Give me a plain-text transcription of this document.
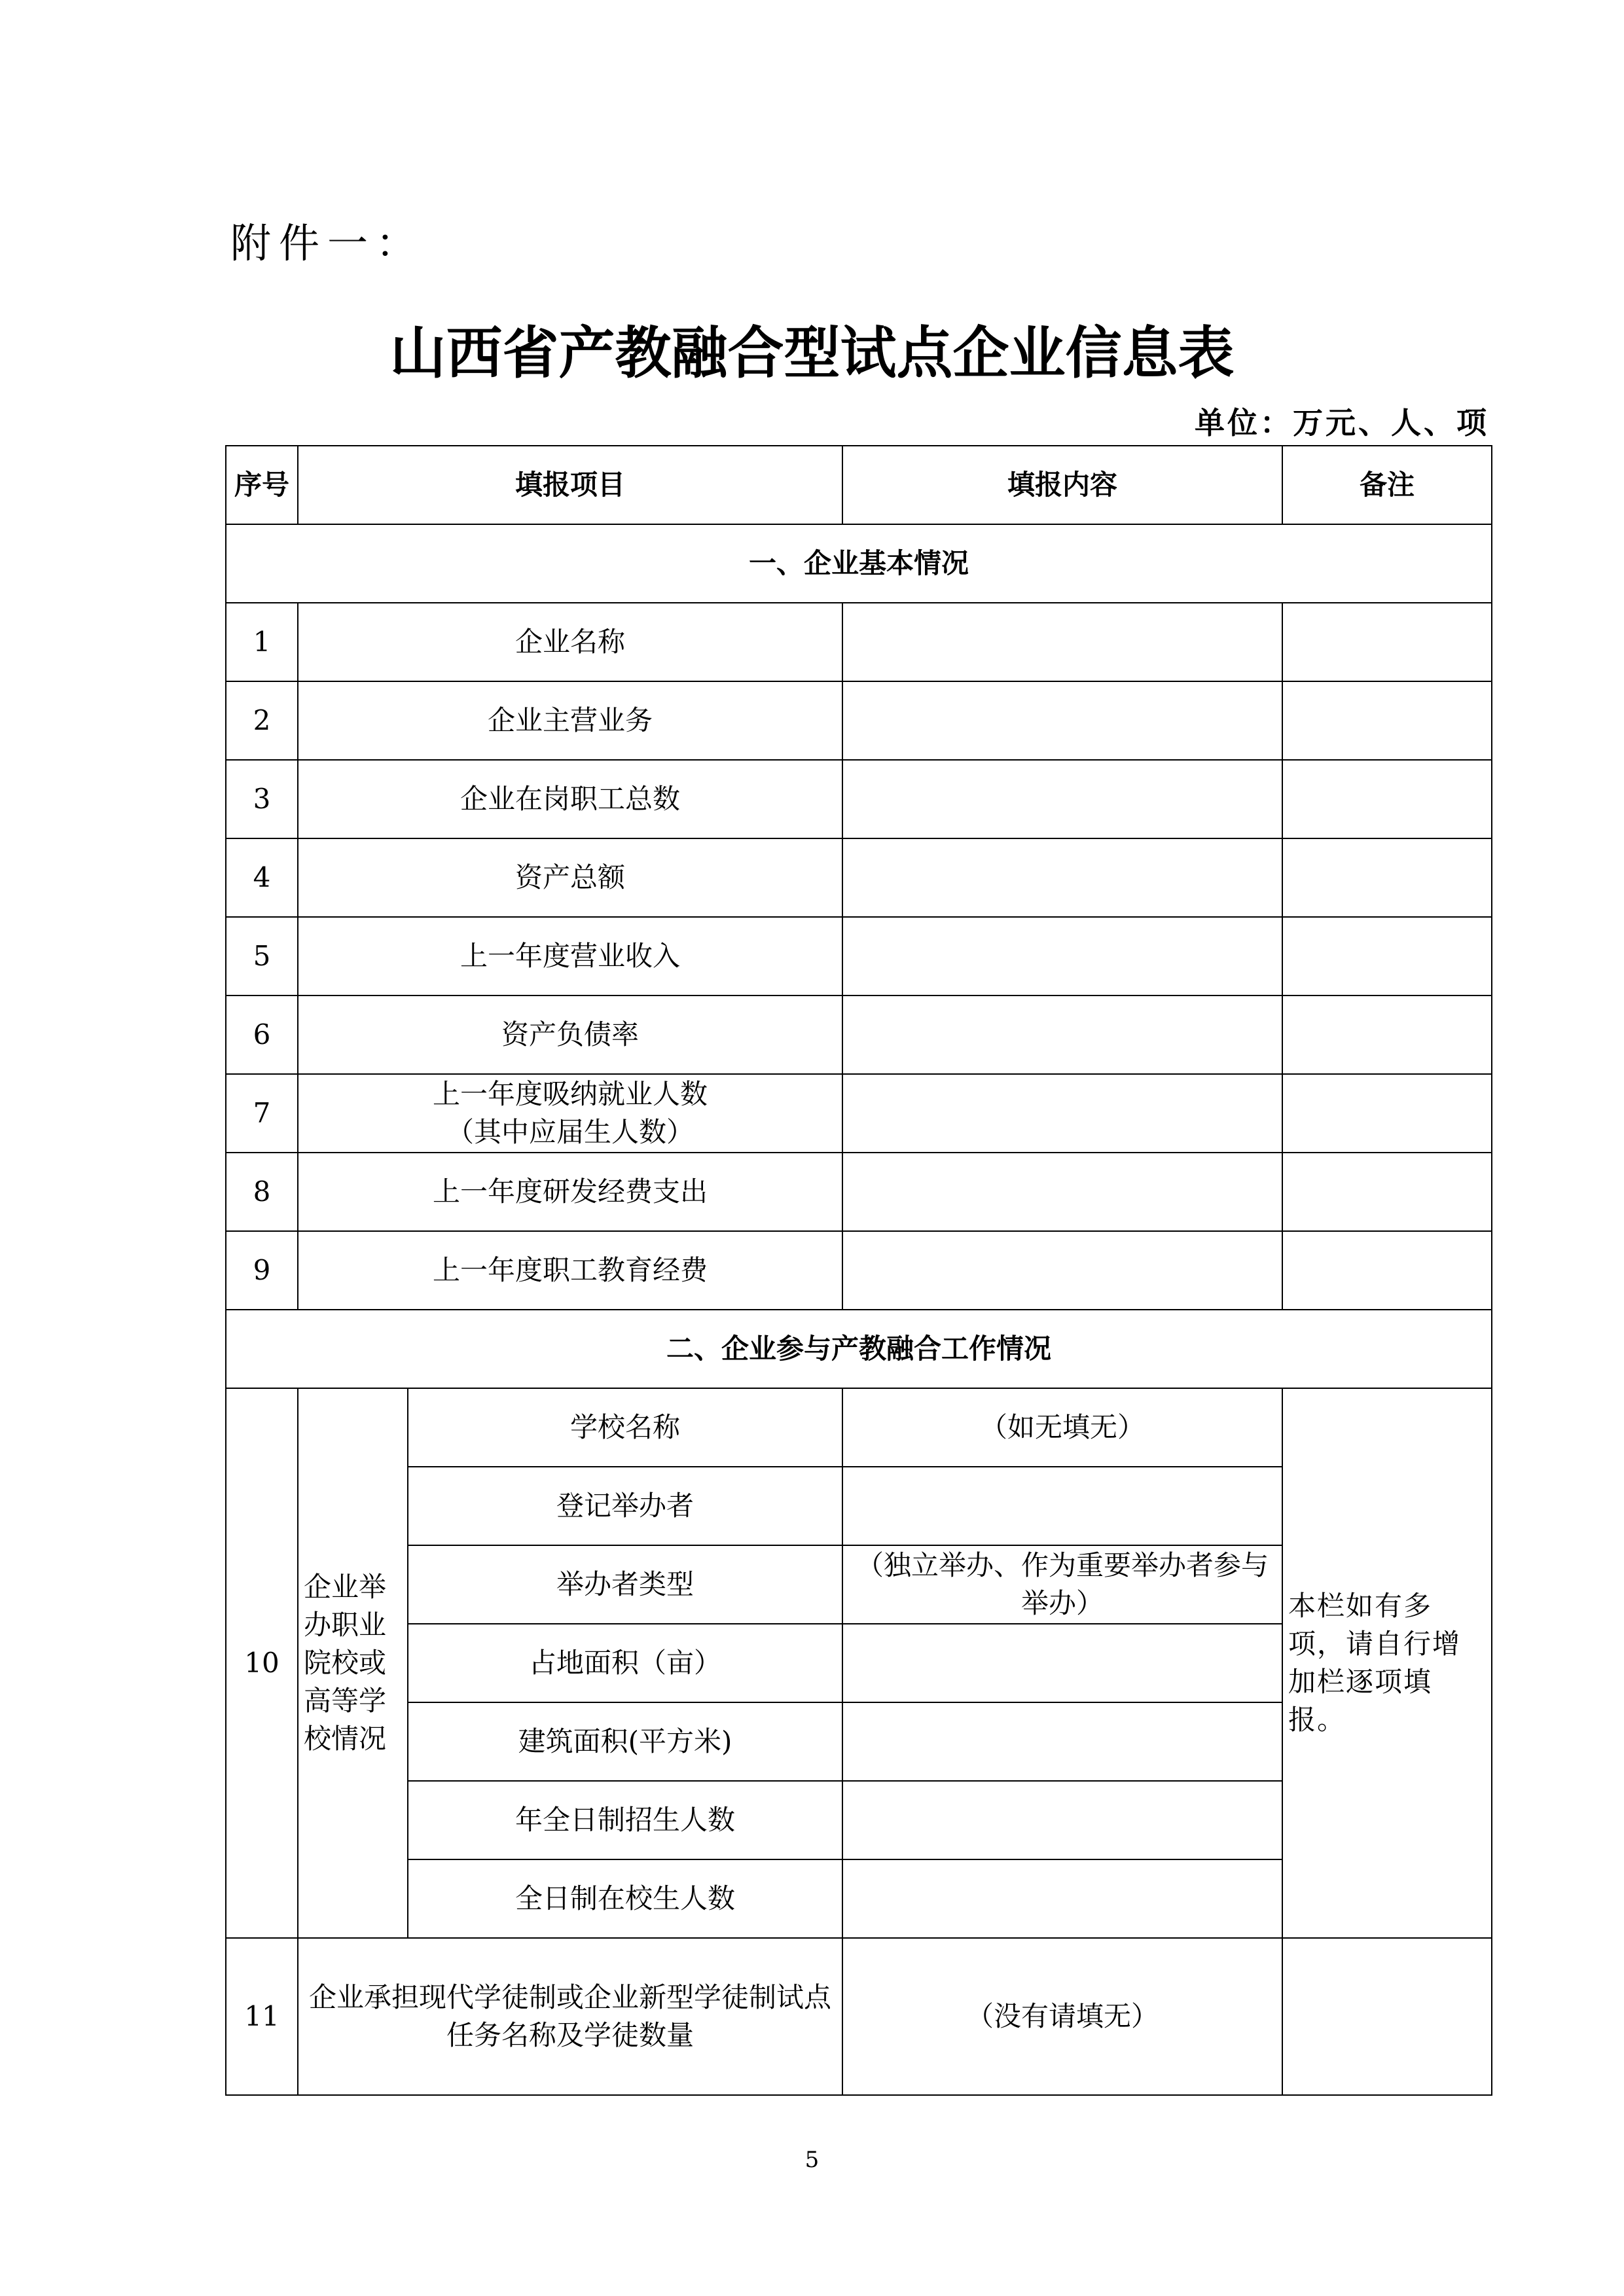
附件一：
山西省产教融合型试点企业信息表
单位：万元、人、项
序号	填报项目		填报内容	备注
一、企业基本情况				
1	企业名称			
2	企业主营业务			
3	企业在岗职工总数			
4	资产总额			
5	上一年度营业收入			
6	资产负债率			
7	上一年度吸纳就业人数
（其中应届生人数）			

8	上一年度研发经费支出			
9	上一年度职工教育经费			
二、企业参与产教融合工作情况				
10	企业举办职业院校或高等学校情况	学校名称	（如无填无）	本栏如有多项，请自行增加栏逐项填报。
		登记举办者		
		举办者类型	（独立举办、作为重要举办者参与举办）	
		占地面积（亩）		
		建筑面积(平方米)		
		年全日制招生人数		
		全日制在校生人数		
11	企业承担现代学徒制或企业新型学徒制试点任务名称及学徒数量		（没有请填无）	
5
